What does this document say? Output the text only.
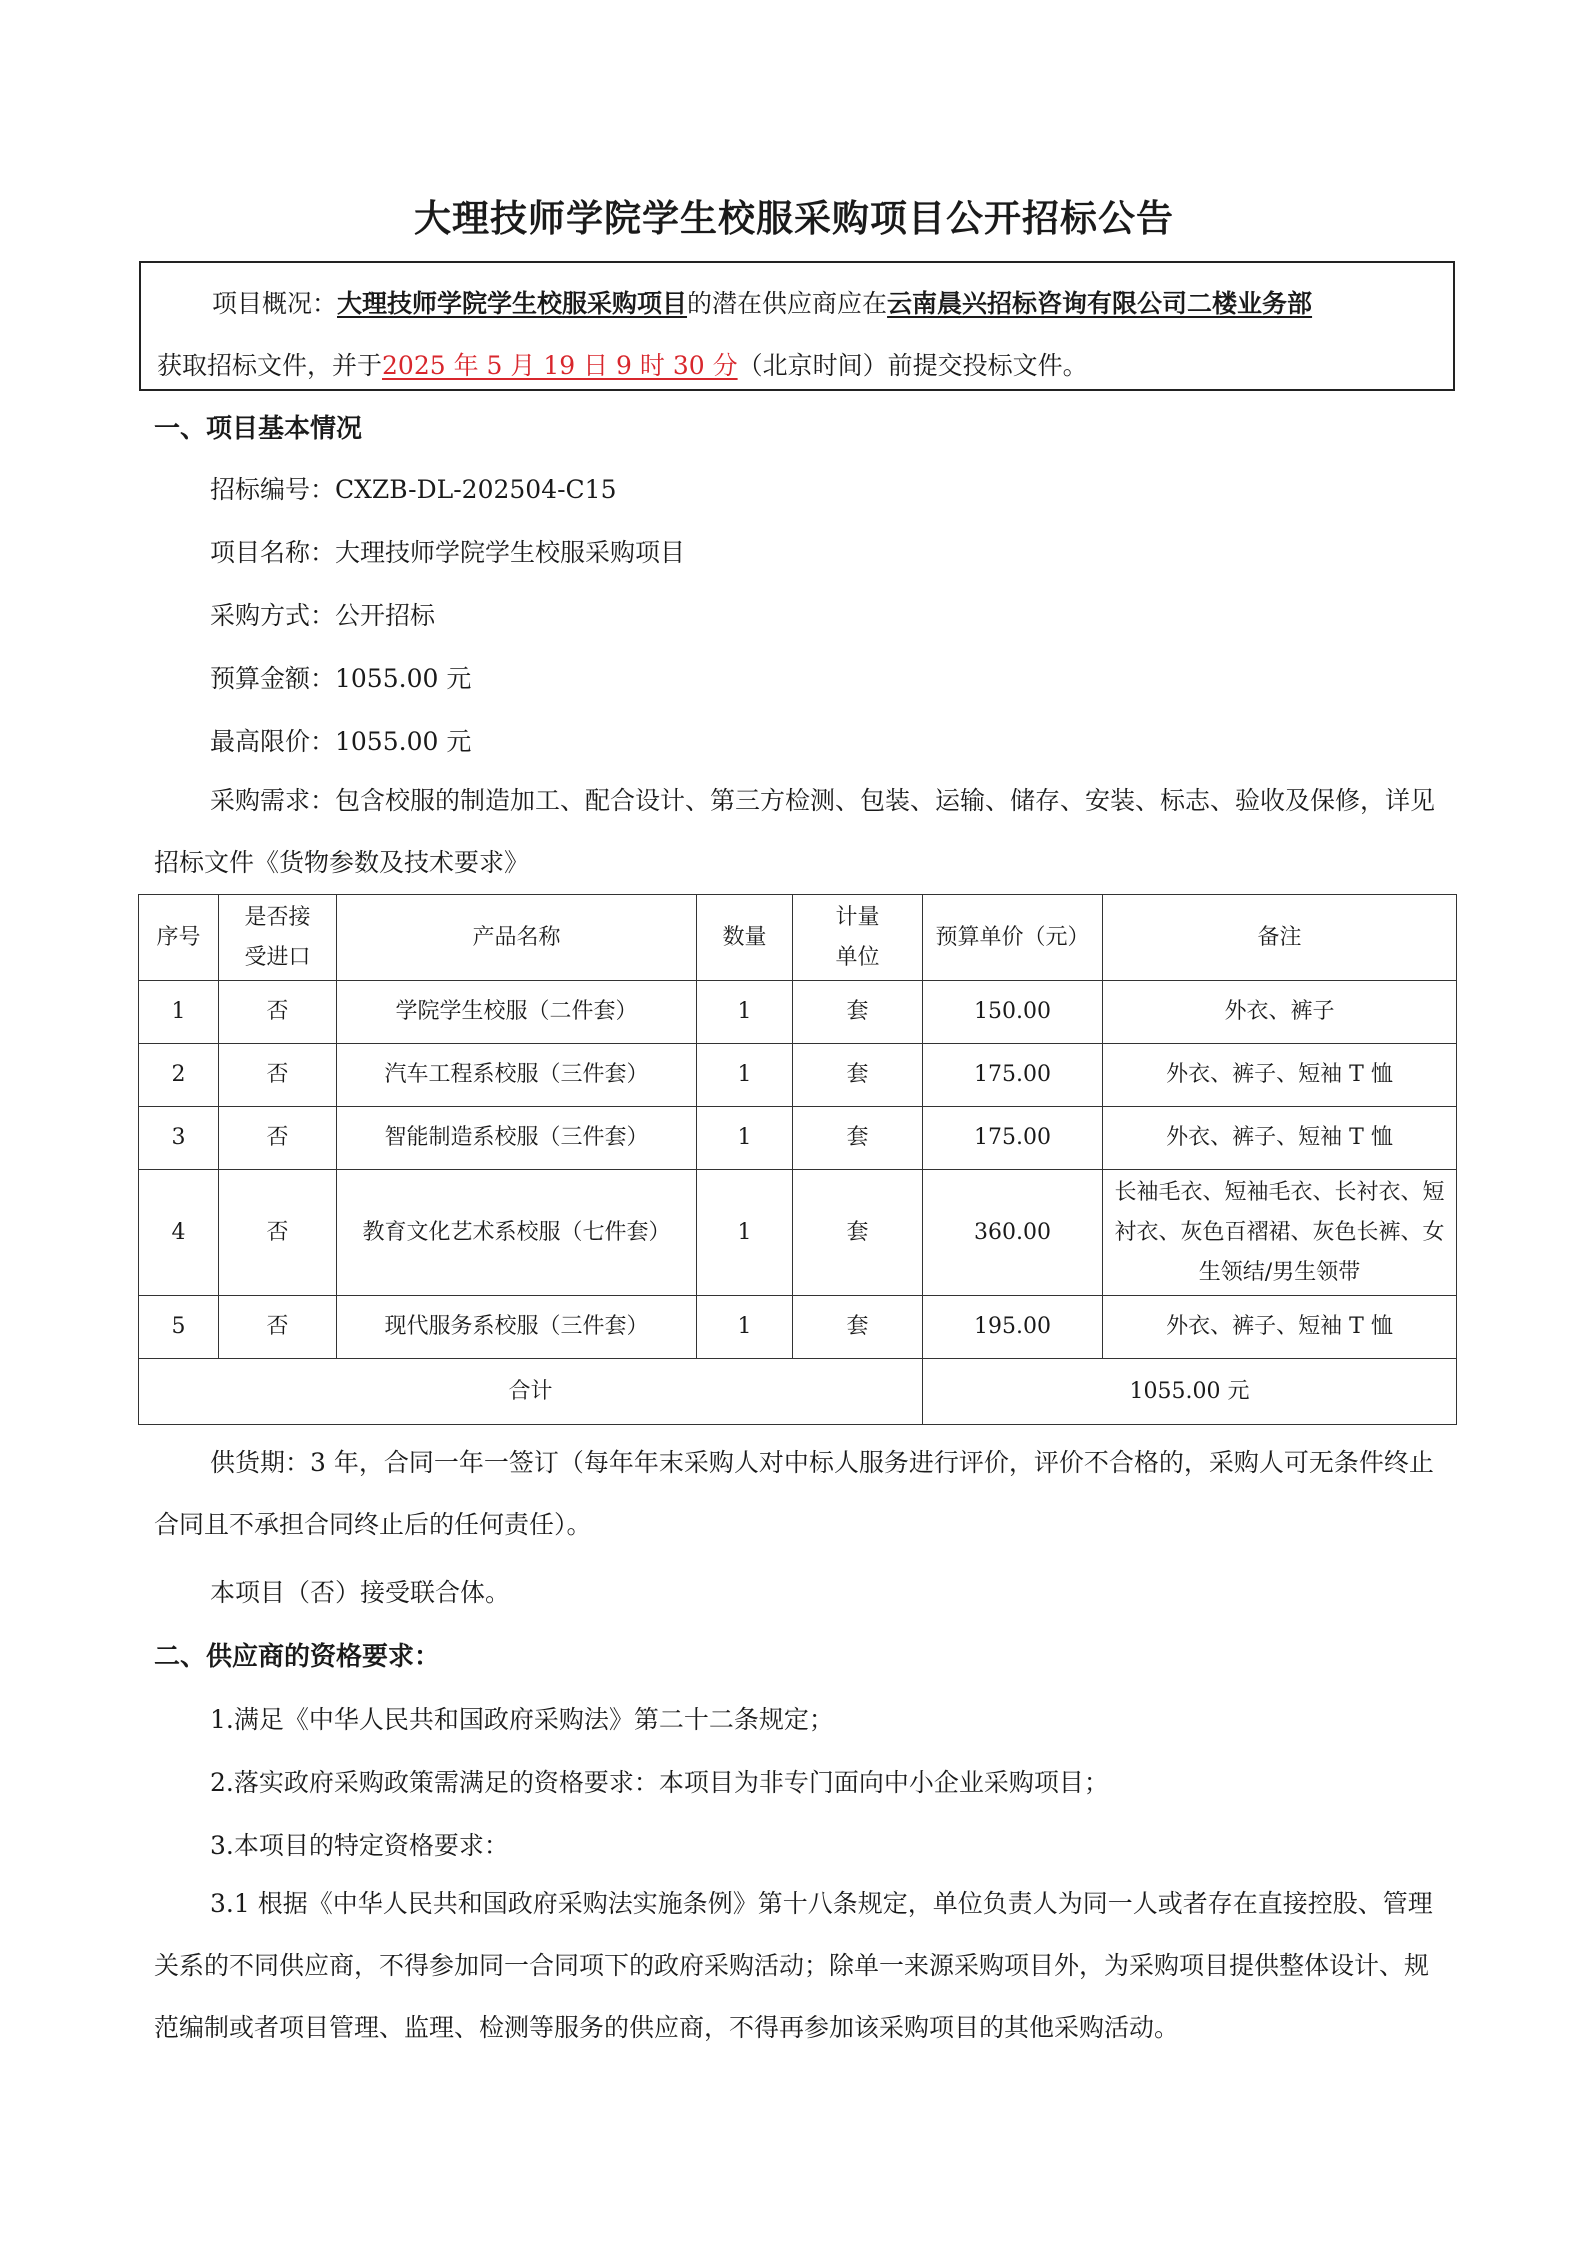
大理技师学院学生校服采购项目公开招标公告

项目概况：大理技师学院学生校服采购项目的潜在供应商应在云南晨兴招标咨询有限公司二楼业务部

获取招标文件，并于2025 年 5 月 19 日 9 时 30 分（北京时间）前提交投标文件。

一、项目基本情况
招标编号：CXZB-DL-202504-C15
项目名称：大理技师学院学生校服采购项目
采购方式：公开招标
预算金额：1055.00 元
最高限价：1055.00 元

采购需求：包含校服的制造加工、配合设计、第三方检测、包装、运输、储存、安装、标志、验收及保修，详见招标文件《货物参数及技术要求》

序号	是否接受进口	产品名称	数量	计量单位	预算单价（元）	备注
1	否	学院学生校服（二件套）	1	套	150.00	外衣、裤子
2	否	汽车工程系校服（三件套）	1	套	175.00	外衣、裤子、短袖 T 恤
3	否	智能制造系校服（三件套）	1	套	175.00	外衣、裤子、短袖 T 恤
4	否	教育文化艺术系校服（七件套）	1	套	360.00	长袖毛衣、短袖毛衣、长衬衣、短衬衣、灰色百褶裙、灰色长裤、女生领结/男生领带
5	否	现代服务系校服（三件套）	1	套	195.00	外衣、裤子、短袖 T 恤
合计					1055.00 元	

供货期：3 年，合同一年一签订（每年年末采购人对中标人服务进行评价，评价不合格的，采购人可无条件终止合同且不承担合同终止后的任何责任）。

本项目（否）接受联合体。
二、供应商的资格要求：
1.满足《中华人民共和国政府采购法》第二十二条规定；
2.落实政府采购政策需满足的资格要求：本项目为非专门面向中小企业采购项目；
3.本项目的特定资格要求：

3.1 根据《中华人民共和国政府采购法实施条例》第十八条规定，单位负责人为同一人或者存在直接控股、管理关系的不同供应商，不得参加同一合同项下的政府采购活动；除单一来源采购项目外，为采购项目提供整体设计、规范编制或者项目管理、监理、检测等服务的供应商，不得再参加该采购项目的其他采购活动。
